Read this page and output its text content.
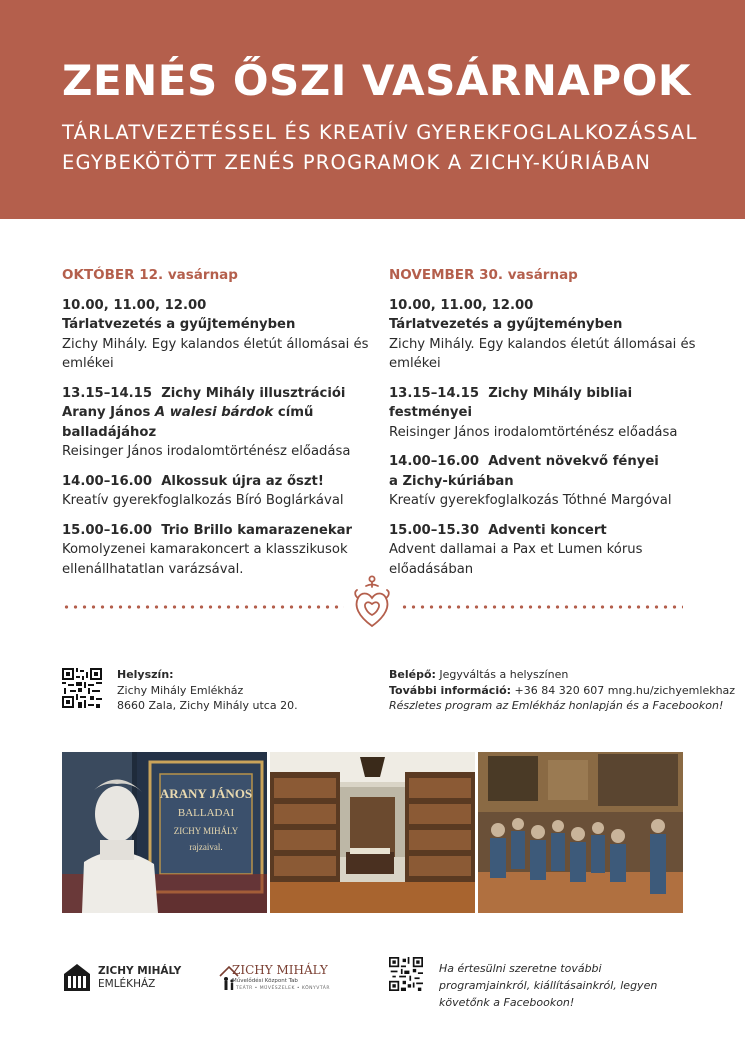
ZENÉS ŐSZI VASÁRNAPOK
TÁRLATVEZETÉSSEL ÉS KREATÍV GYEREKFOGLALKOZÁSSAL
EGYBEKÖTÖTT ZENÉS PROGRAMOK A ZICHY-KÚRIÁBAN
OKTÓBER 12. vasárnap
10.00, 11.00, 12.00
Tárlatvezetés a gyűjteményben
Zichy Mihály. Egy kalandos életút állomásai és emlékei
13.15–14.15 Zichy Mihály illusztrációi
Arany János A walesi bárdok című balladájához
Reisinger János irodalomtörténész előadása
14.00–16.00 Alkossuk újra az őszt!
Kreatív gyerekfoglalkozás Bíró Boglárkával
15.00–16.00 Trio Brillo kamarazenekar
Komolyzenei kamarakoncert a klasszikusok ellenállhatatlan varázsával.
NOVEMBER 30. vasárnap
10.00, 11.00, 12.00
Tárlatvezetés a gyűjteményben
Zichy Mihály. Egy kalandos életút állomásai és emlékei
13.15–14.15 Zichy Mihály bibliai festményei
Reisinger János irodalomtörténész előadása
14.00–16.00 Advent növekvő fényei
a Zichy-kúriában
Kreatív gyerekfoglalkozás Tóthné Margóval
15.00–15.30 Adventi koncert
Advent dallamai a Pax et Lumen kórus előadásában
Helyszín:
Zichy Mihály Emlékház
8660 Zala, Zichy Mihály utca 20.
Belépő: Jegyváltás a helyszínen
További információ: +36 84 320 607 mng.hu/zichyemlekhaz
Részletes program az Emlékház honlapján és a Facebookon!
ARANY JÁNOS
BALLADAI
ZICHY MIHÁLY
rajzaival.
ZICHY MIHÁLY
EMLÉKHÁZ
ZICHY MIHÁLY
Művelődési Központ Tab
TEÁTR • MŰVÉSZELEK • KÖNYVTÁR
Ha értesülni szeretne további programjainkról, kiállításainkról, legyen követőnk a Facebookon!
